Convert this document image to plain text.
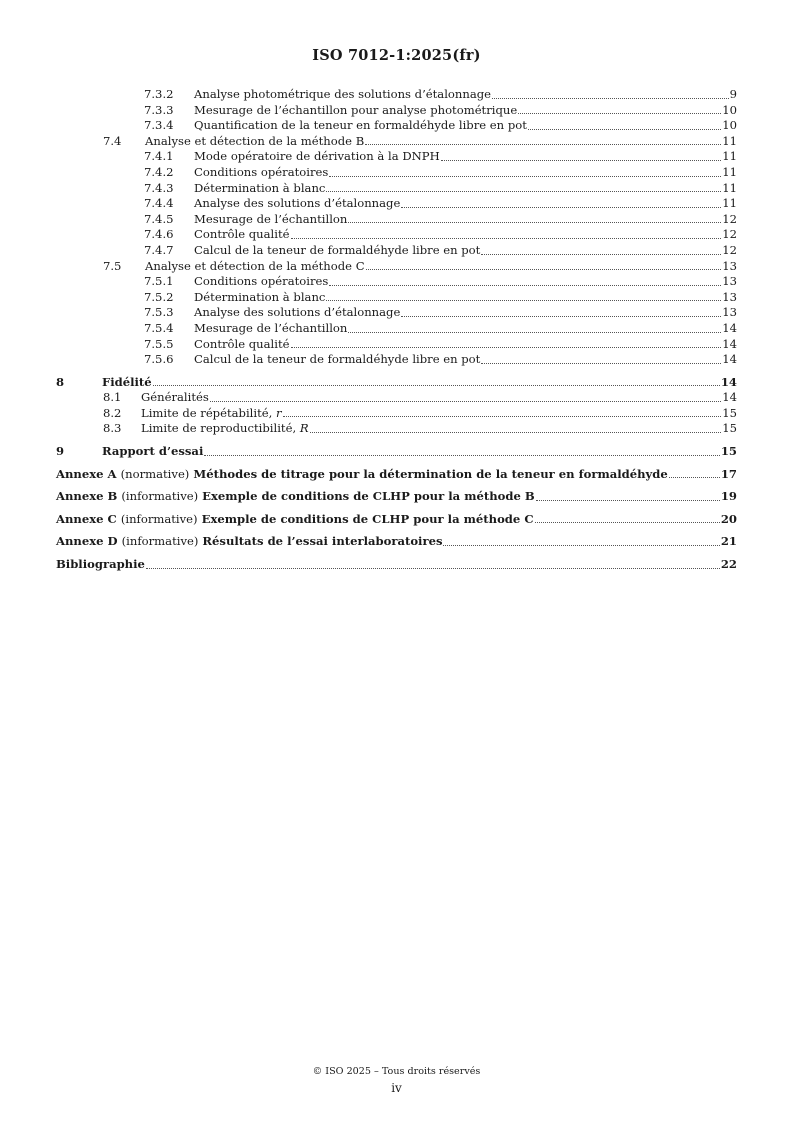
ISO 7012-1:2025(fr)
7.3.2	Analyse photométrique des solutions d’étalonnage	9
7.3.3	Mesurage de l’échantillon pour analyse photométrique	10
7.3.4	Quantification de la teneur en formaldéhyde libre en pot	10
7.4	Analyse et détection de la méthode B	11
7.4.1	Mode opératoire de dérivation à la DNPH	11
7.4.2	Conditions opératoires	11
7.4.3	Détermination à blanc	11
7.4.4	Analyse des solutions d’étalonnage	11
7.4.5	Mesurage de l’échantillon	12
7.4.6	Contrôle qualité	12
7.4.7	Calcul de la teneur de formaldéhyde libre en pot	12
7.5	Analyse et détection de la méthode C	13
7.5.1	Conditions opératoires	13
7.5.2	Détermination à blanc	13
7.5.3	Analyse des solutions d’étalonnage	13
7.5.4	Mesurage de l’échantillon	14
7.5.5	Contrôle qualité	14
7.5.6	Calcul de la teneur de formaldéhyde libre en pot	14
8	Fidélité	14
8.1	Généralités	14
8.2	Limite de répétabilité, r	15
8.3	Limite de reproductibilité, R	15
9	Rapport d’essai	15
Annexe A (normative) Méthodes de titrage pour la détermination de la teneur en formaldéhyde	17
Annexe B (informative) Exemple de conditions de CLHP pour la méthode B	19
Annexe C (informative) Exemple de conditions de CLHP pour la méthode C	20
Annexe D (informative) Résultats de l’essai interlaboratoires	21
Bibliographie	22
© ISO 2025 – Tous droits réservés
iv
